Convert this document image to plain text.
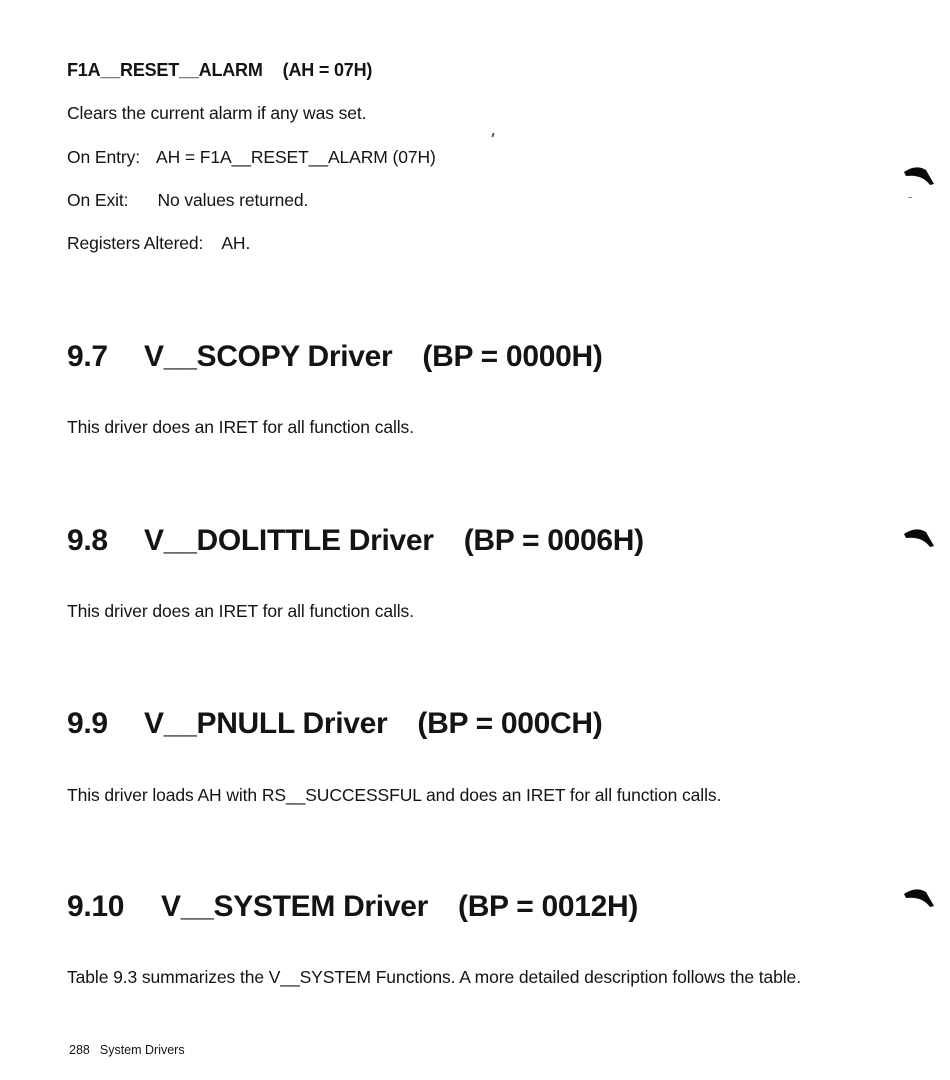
F1A__RESET__ALARM (AH = 07H)
Clears the current alarm if any was set.
On Entry: AH = F1A__RESET__ALARM (07H)
On Exit: No values returned.
Registers Altered: AH.
9.7 V__SCOPY Driver (BP = 0000H)
This driver does an IRET for all function calls.
9.8 V__DOLITTLE Driver (BP = 0006H)
This driver does an IRET for all function calls.
9.9 V__PNULL Driver (BP = 000CH)
This driver loads AH with RS__SUCCESSFUL and does an IRET for all function calls.
9.10 V__SYSTEM Driver (BP = 0012H)
Table 9.3 summarizes the V__SYSTEM Functions. A more detailed description follows the table.
288 System Drivers
